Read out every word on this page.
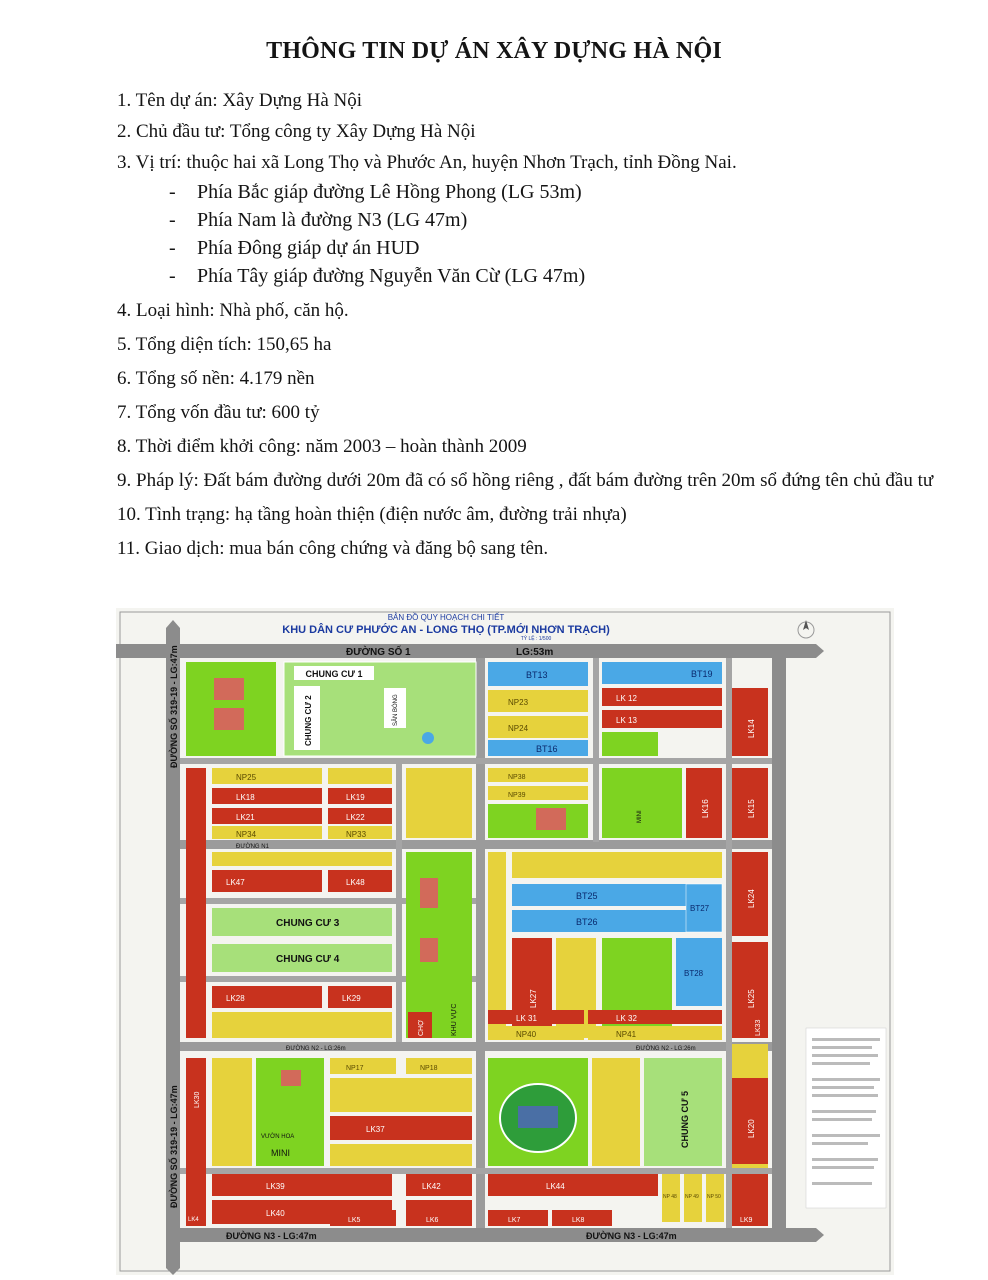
THÔNG TIN DỰ ÁN XÂY DỰNG HÀ NỘI
1. Tên dự án: Xây Dựng Hà Nội
2. Chủ đầu tư: Tổng công ty Xây Dựng Hà Nội
3. Vị trí: thuộc hai xã Long Thọ và Phước An, huyện Nhơn Trạch, tỉnh Đồng Nai.
- Phía Bắc giáp đường Lê Hồng Phong (LG 53m)
- Phía Nam là đường N3 (LG 47m)
- Phía Đông giáp dự án HUD
- Phía Tây giáp đường Nguyễn Văn Cừ (LG 47m)
4. Loại hình: Nhà phố, căn hộ.
5. Tổng diện tích: 150,65 ha
6. Tổng số nền: 4.179 nền
7. Tổng vốn đầu tư: 600 tỷ
8. Thời điểm khởi công: năm 2003 – hoàn thành 2009
9. Pháp lý: Đất bám đường dưới 20m đã có sổ hồng riêng , đất bám đường trên 20m sổ đứng tên chủ đầu tư
10. Tình trạng: hạ tầng hoàn thiện (điện nước âm, đường trải nhựa)
11. Giao dịch: mua bán công chứng và đăng bộ sang tên.
BẢN ĐỒ QUY HOẠCH CHI TIẾT
KHU DÂN CƯ PHƯỚC AN - LONG THỌ (TP.MỚI NHƠN TRẠCH)
TỶ LỆ : 1/500
ĐƯỜNG SỐ 1	LG:53m
ĐƯỜNG N3 - LG:47m	ĐƯỜNG N3 - LG:47m
ĐƯỜNG SỐ 319-19 - LG:47m
ĐƯỜNG SỐ 319-19 - LG:47m
ĐƯỜNG N1
ĐƯỜNG N2 - LG:26m	ĐƯỜNG N2 - LG:26m
CHUNG CƯ 1
CHUNG CƯ 2	SÂN BÓNG
BT13
NP23
NP24
BT16
BT19
LK 12
LK 13	LK14
LK16	LK15
MINI
NP25
LK18
LK21
NP34
LK19
LK22
NP33
NP38
NP39
LK47	LK48
CHUNG CƯ 3
CHUNG CƯ 4
LK28	LK29
CHỢ	KHU VỰC
BT25
BT26
BT27
LK27
BT28
LK24
LK25
LK 31	LK 32
NP40	NP41	LK33
LK30
VƯỜN HOA
MINI
NP17	NP18
LK37
LK39
LK40
LK42
CHUNG CƯ 5	LK20
LK44
NP 48 NP 49 NP 50
LK4	LK7	LK8	LK9
LK5	LK6
